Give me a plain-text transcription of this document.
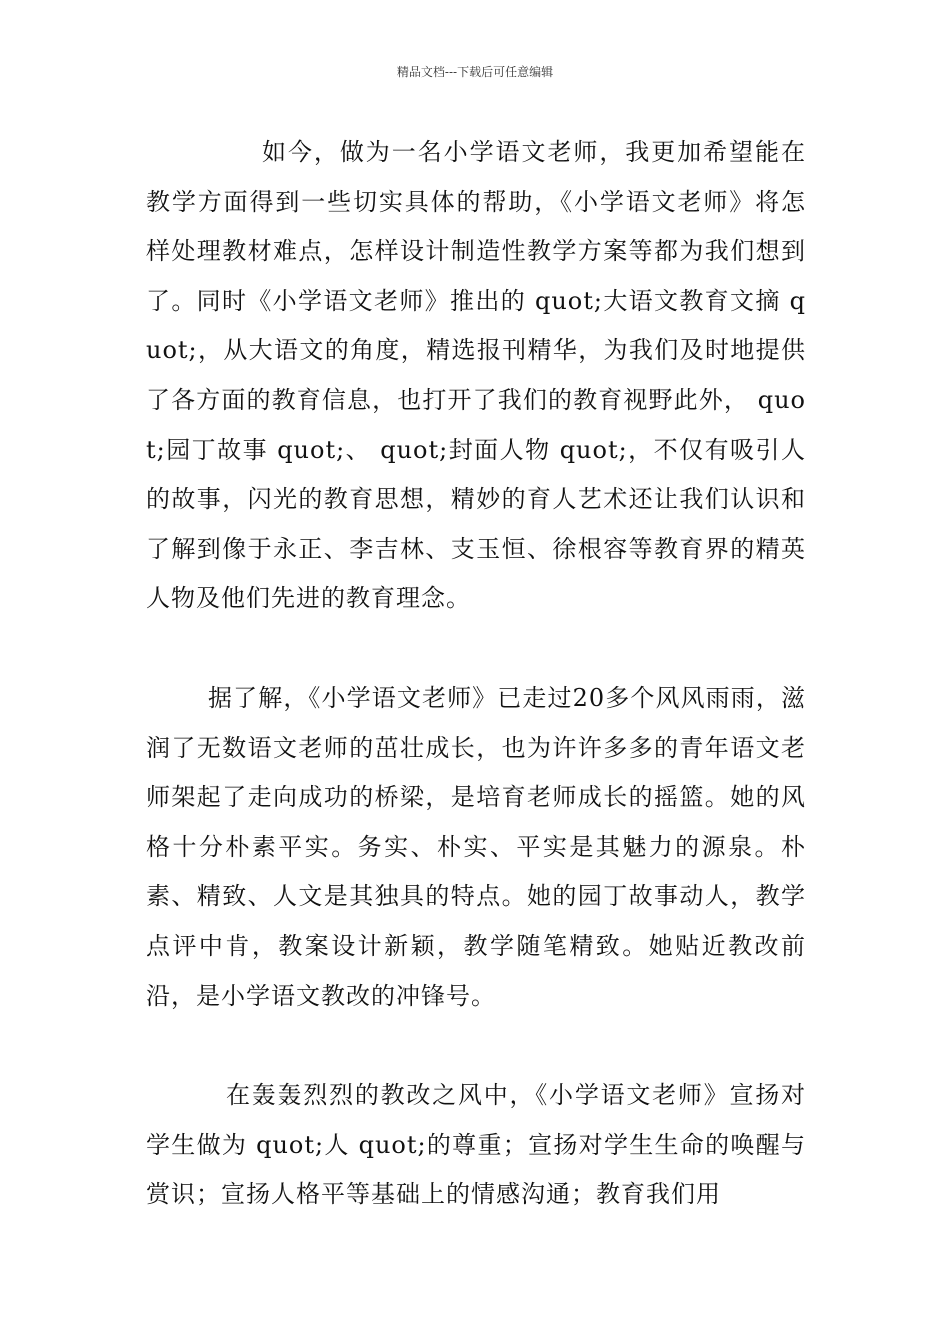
精品文档---下载后可任意编辑

如今，做为一名小学语文老师，我更加希望能在教学方面得到一些切实具体的帮助，《小学语文老师》将怎样处理教材难点，怎样设计制造性教学方案等都为我们想到了。同时《小学语文老师》推出的 quot;大语文教育文摘 quot;，从大语文的角度，精选报刊精华，为我们及时地提供了各方面的教育信息，也打开了我们的教育视野此外， quot;园丁故事 quot;、 quot;封面人物 quot;，不仅有吸引人的故事，闪光的教育思想，精妙的育人艺术还让我们认识和了解到像于永正、李吉林、支玉恒、徐根容等教育界的精英人物及他们先进的教育理念。

据了解，《小学语文老师》已走过20多个风风雨雨，滋润了无数语文老师的茁壮成长，也为许许多多的青年语文老师架起了走向成功的桥梁，是培育老师成长的摇篮。她的风格十分朴素平实。务实、朴实、平实是其魅力的源泉。朴素、精致、人文是其独具的特点。她的园丁故事动人，教学点评中肯，教案设计新颖，教学随笔精致。她贴近教改前沿，是小学语文教改的冲锋号。

在轰轰烈烈的教改之风中，《小学语文老师》宣扬对学生做为 quot;人 quot;的尊重；宣扬对学生生命的唤醒与赏识；宣扬人格平等基础上的情感沟通；教育我们用
